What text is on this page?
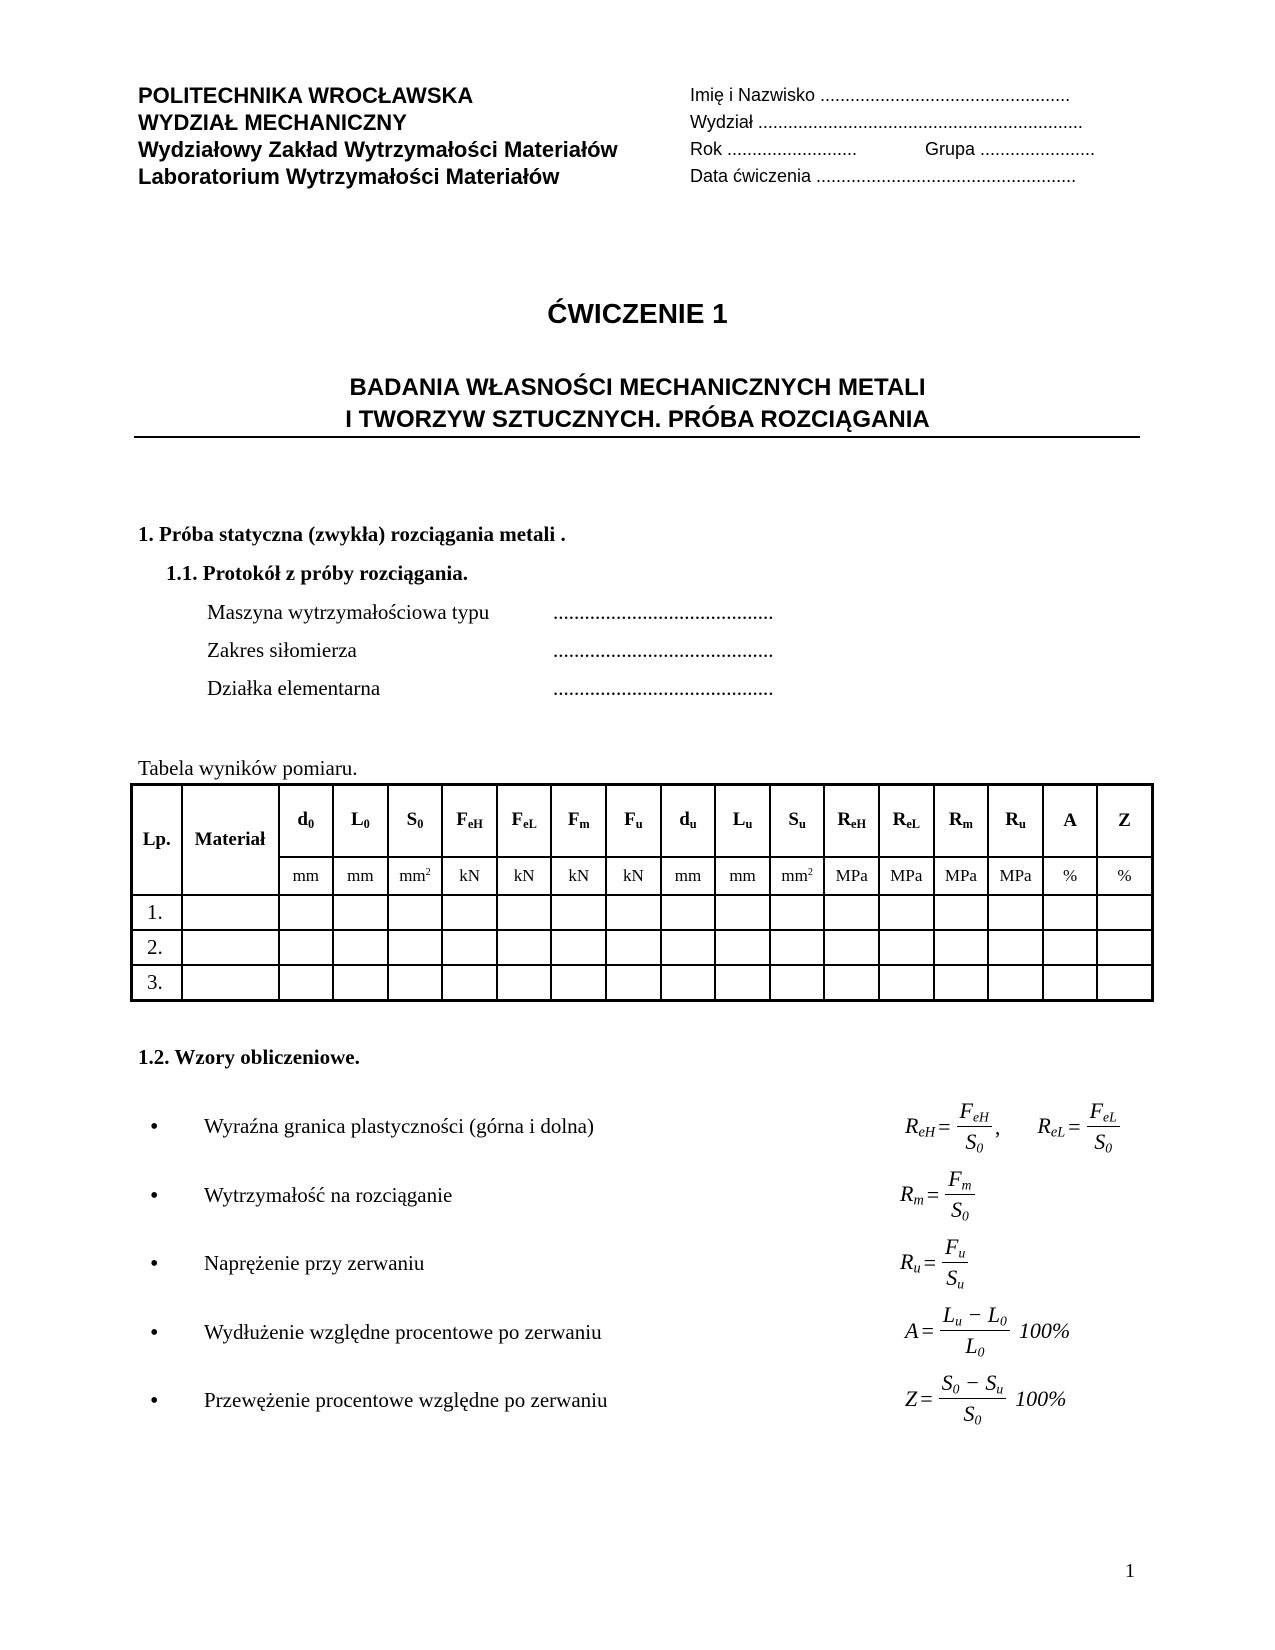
POLITECHNIKA WROCŁAWSKA
WYDZIAŁ MECHANICZNY
Wydziałowy Zakład Wytrzymałości Materiałów
Laboratorium Wytrzymałości Materiałów
Imię i Nazwisko ..................................................
Wydział .................................................................
Rok ..........................	Grupa .......................
Data ćwiczenia ....................................................
ĆWICZENIE 1
BADANIA WŁASNOŚCI MECHANICZNYCH METALI
I TWORZYW SZTUCZNYCH. PRÓBA ROZCIĄGANIA
1. Próba statyczna (zwykła) rozciągania metali .
1.1. Protokół z próby rozciągania.
Maszyna wytrzymałościowa typu	..........................................
Zakres siłomierza	..........................................
Działka elementarna	..........................................
Tabela wyników pomiaru.
Lp.	Materiał	$d_0$	$L_0$	$S_0$	$F_{eH}$	$F_{eL}$	$F_m$	$F_u$	$d_u$	$L_u$	$S_u$	$R_{eH}$	$R_{eL}$	$R_m$	$R_u$	A	Z
		mm	mm	$mm^2$	kN	kN	kN	kN	mm	mm	$mm^2$	MPa	MPa	MPa	MPa	%	%
1.																	
2.																	
3.																	
1.2. Wzory obliczeniowe.
• Wyraźna granica plastyczności (górna i dolna)
• Wytrzymałość na rozciąganie
• Naprężenie przy zerwaniu
• Wydłużenie względne procentowe po zerwaniu
• Przewężenie procentowe względne po zerwaniu
$R_{eH} = \frac{F_{eH}}{S_0}$ , $R_{eL} = \frac{F_{eL}}{S_0}$
$R_m = \frac{F_m}{S_0}$
$R_u = \frac{F_u}{S_u}$
$A = \frac{L_u - L_0}{L_0} 100\%$
$Z = \frac{S_0 - S_u}{S_0} 100\%$
1
